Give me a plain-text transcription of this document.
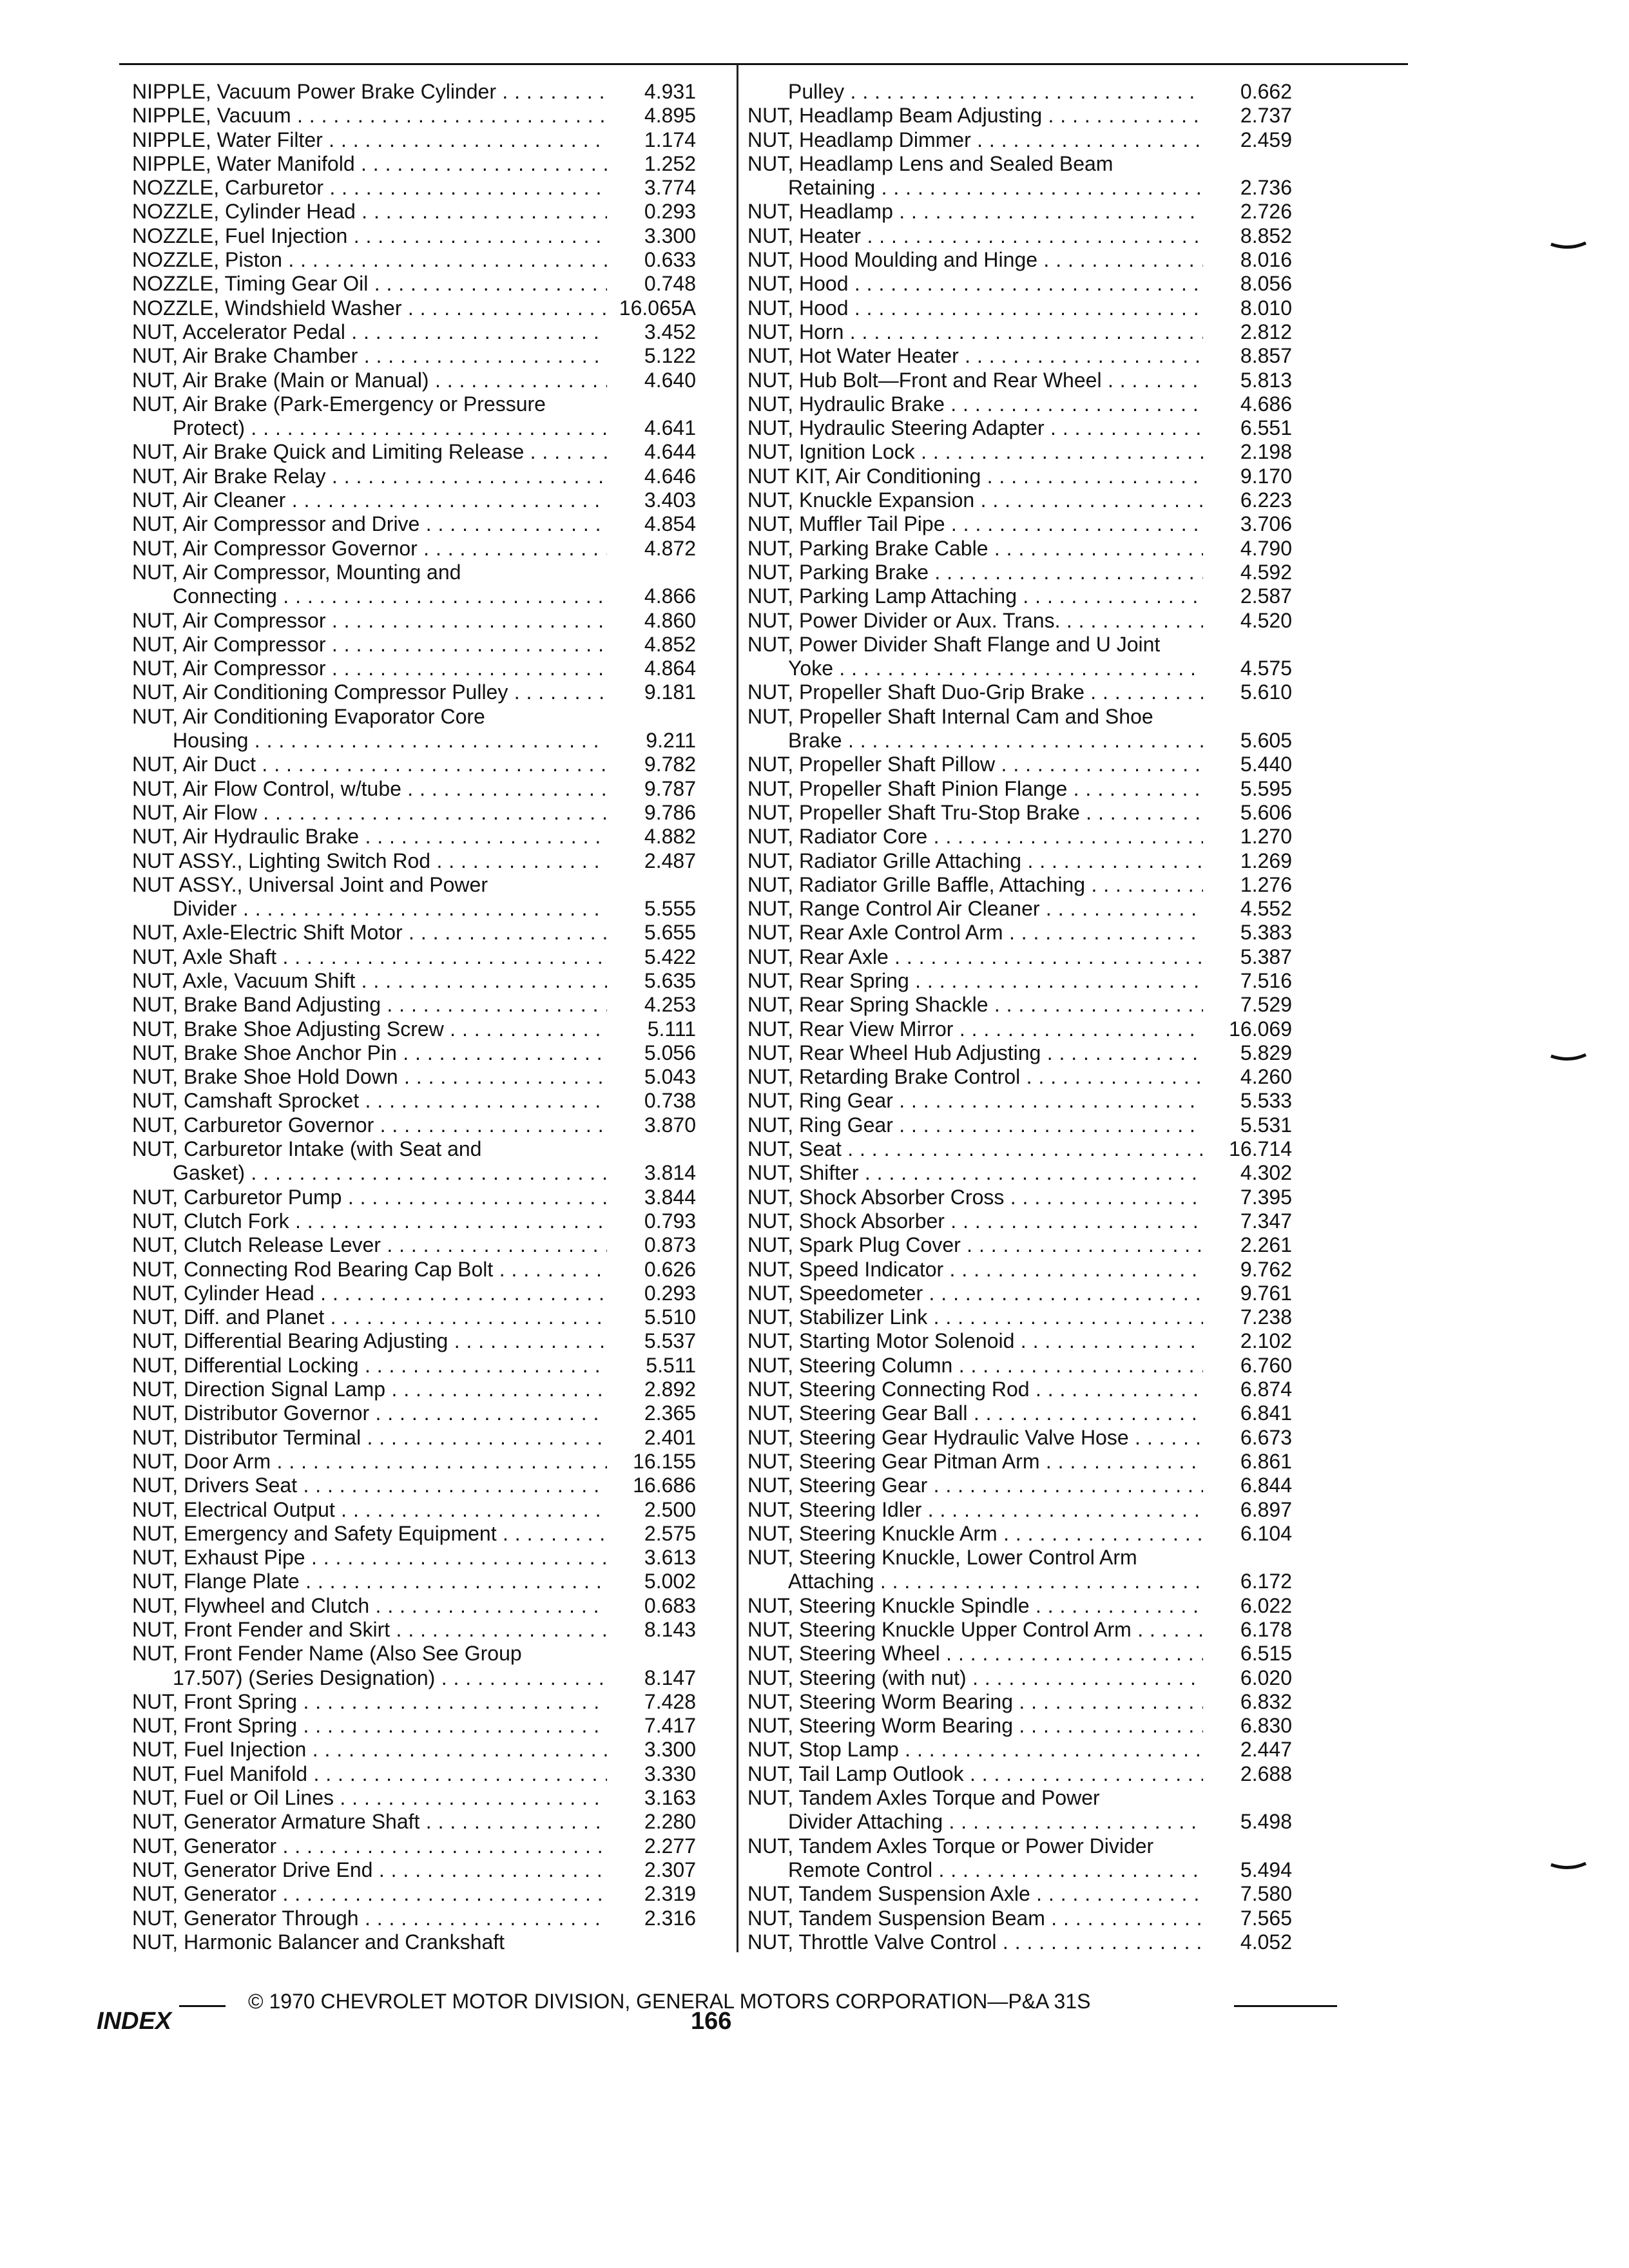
NIPPLE, Vacuum Power Brake Cylinder . . .	4.931
NIPPLE, Vacuum . . .	4.895
NIPPLE, Water Filter . . .	1.174
NIPPLE, Water Manifold . . .	1.252
NOZZLE, Carburetor . . .	3.774
NOZZLE, Cylinder Head . . .	0.293
NOZZLE, Fuel Injection . . .	3.300
NOZZLE, Piston . . .	0.633
NOZZLE, Timing Gear Oil . . .	0.748
NOZZLE, Windshield Washer . . .	16.065A
NUT, Accelerator Pedal . . .	3.452
NUT, Air Brake Chamber . . .	5.122
NUT, Air Brake (Main or Manual) . . .	4.640
NUT, Air Brake (Park-Emergency or Pressure
Protect) . . .	4.641
NUT, Air Brake Quick and Limiting Release . . .	4.644
NUT, Air Brake Relay . . .	4.646
NUT, Air Cleaner . . .	3.403
NUT, Air Compressor and Drive . . .	4.854
NUT, Air Compressor Governor . . .	4.872
NUT, Air Compressor, Mounting and
Connecting . . .	4.866
NUT, Air Compressor . . .	4.860
NUT, Air Compressor . . .	4.852
NUT, Air Compressor . . .	4.864
NUT, Air Conditioning Compressor Pulley . . .	9.181
NUT, Air Conditioning Evaporator Core
Housing . . .	9.211
NUT, Air Duct . . .	9.782
NUT, Air Flow Control, w/tube . . .	9.787
NUT, Air Flow . . .	9.786
NUT, Air Hydraulic Brake . . .	4.882
NUT ASSY., Lighting Switch Rod . . .	2.487
NUT ASSY., Universal Joint and Power
Divider . . .	5.555
NUT, Axle-Electric Shift Motor . . .	5.655
NUT, Axle Shaft . . .	5.422
NUT, Axle, Vacuum Shift . . .	5.635
NUT, Brake Band Adjusting . . .	4.253
NUT, Brake Shoe Adjusting Screw . . .	5.111
NUT, Brake Shoe Anchor Pin . . .	5.056
NUT, Brake Shoe Hold Down . . .	5.043
NUT, Camshaft Sprocket . . .	0.738
NUT, Carburetor Governor . . .	3.870
NUT, Carburetor Intake (with Seat and
Gasket) . . .	3.814
NUT, Carburetor Pump . . .	3.844
NUT, Clutch Fork . . .	0.793
NUT, Clutch Release Lever . . .	0.873
NUT, Connecting Rod Bearing Cap Bolt . . .	0.626
NUT, Cylinder Head . . .	0.293
NUT, Diff. and Planet . . .	5.510
NUT, Differential Bearing Adjusting . . .	5.537
NUT, Differential Locking . . .	5.511
NUT, Direction Signal Lamp . . .	2.892
NUT, Distributor Governor . . .	2.365
NUT, Distributor Terminal . . .	2.401
NUT, Door Arm . . .	16.155
NUT, Drivers Seat . . .	16.686
NUT, Electrical Output . . .	2.500
NUT, Emergency and Safety Equipment . . .	2.575
NUT, Exhaust Pipe . . .	3.613
NUT, Flange Plate . . .	5.002
NUT, Flywheel and Clutch . . .	0.683
NUT, Front Fender and Skirt . . .	8.143
NUT, Front Fender Name (Also See Group
17.507) (Series Designation) . . .	8.147
NUT, Front Spring . . .	7.428
NUT, Front Spring . . .	7.417
NUT, Fuel Injection . . .	3.300
NUT, Fuel Manifold . . .	3.330
NUT, Fuel or Oil Lines . . .	3.163
NUT, Generator Armature Shaft . . .	2.280
NUT, Generator . . .	2.277
NUT, Generator Drive End . . .	2.307
NUT, Generator . . .	2.319
NUT, Generator Through . . .	2.316
NUT, Harmonic Balancer and Crankshaft
Pulley . . .	0.662
NUT, Headlamp Beam Adjusting . . .	2.737
NUT, Headlamp Dimmer . . .	2.459
NUT, Headlamp Lens and Sealed Beam
Retaining . . .	2.736
NUT, Headlamp . . .	2.726
NUT, Heater . . .	8.852
NUT, Hood Moulding and Hinge . . .	8.016
NUT, Hood . . .	8.056
NUT, Hood . . .	8.010
NUT, Horn . . .	2.812
NUT, Hot Water Heater . . .	8.857
NUT, Hub Bolt—Front and Rear Wheel . . .	5.813
NUT, Hydraulic Brake . . .	4.686
NUT, Hydraulic Steering Adapter . . .	6.551
NUT, Ignition Lock . . .	2.198
NUT KIT, Air Conditioning . . .	9.170
NUT, Knuckle Expansion . . .	6.223
NUT, Muffler Tail Pipe . . .	3.706
NUT, Parking Brake Cable . . .	4.790
NUT, Parking Brake . . .	4.592
NUT, Parking Lamp Attaching . . .	2.587
NUT, Power Divider or Aux. Trans. . . .	4.520
NUT, Power Divider Shaft Flange and U Joint
Yoke . . .	4.575
NUT, Propeller Shaft Duo-Grip Brake . . .	5.610
NUT, Propeller Shaft Internal Cam and Shoe
Brake . . .	5.605
NUT, Propeller Shaft Pillow . . .	5.440
NUT, Propeller Shaft Pinion Flange . . .	5.595
NUT, Propeller Shaft Tru-Stop Brake . . .	5.606
NUT, Radiator Core . . .	1.270
NUT, Radiator Grille Attaching . . .	1.269
NUT, Radiator Grille Baffle, Attaching . . .	1.276
NUT, Range Control Air Cleaner . . .	4.552
NUT, Rear Axle Control Arm . . .	5.383
NUT, Rear Axle . . .	5.387
NUT, Rear Spring . . .	7.516
NUT, Rear Spring Shackle . . .	7.529
NUT, Rear View Mirror . . .	16.069
NUT, Rear Wheel Hub Adjusting . . .	5.829
NUT, Retarding Brake Control . . .	4.260
NUT, Ring Gear . . .	5.533
NUT, Ring Gear . . .	5.531
NUT, Seat . . .	16.714
NUT, Shifter . . .	4.302
NUT, Shock Absorber Cross . . .	7.395
NUT, Shock Absorber . . .	7.347
NUT, Spark Plug Cover . . .	2.261
NUT, Speed Indicator . . .	9.762
NUT, Speedometer . . .	9.761
NUT, Stabilizer Link . . .	7.238
NUT, Starting Motor Solenoid . . .	2.102
NUT, Steering Column . . .	6.760
NUT, Steering Connecting Rod . . .	6.874
NUT, Steering Gear Ball . . .	6.841
NUT, Steering Gear Hydraulic Valve Hose . . .	6.673
NUT, Steering Gear Pitman Arm . . .	6.861
NUT, Steering Gear . . .	6.844
NUT, Steering Idler . . .	6.897
NUT, Steering Knuckle Arm . . .	6.104
NUT, Steering Knuckle, Lower Control Arm
Attaching . . .	6.172
NUT, Steering Knuckle Spindle . . .	6.022
NUT, Steering Knuckle Upper Control Arm . . .	6.178
NUT, Steering Wheel . . .	6.515
NUT, Steering (with nut) . . .	6.020
NUT, Steering Worm Bearing . . .	6.832
NUT, Steering Worm Bearing . . .	6.830
NUT, Stop Lamp . . .	2.447
NUT, Tail Lamp Outlook . . .	2.688
NUT, Tandem Axles Torque and Power
Divider Attaching . . .	5.498
NUT, Tandem Axles Torque or Power Divider
Remote Control . . .	5.494
NUT, Tandem Suspension Axle . . .	7.580
NUT, Tandem Suspension Beam . . .	7.565
NUT, Throttle Valve Control . . .	4.052
© 1970 CHEVROLET MOTOR DIVISION, GENERAL MOTORS CORPORATION—P&A 31S
INDEX	166
